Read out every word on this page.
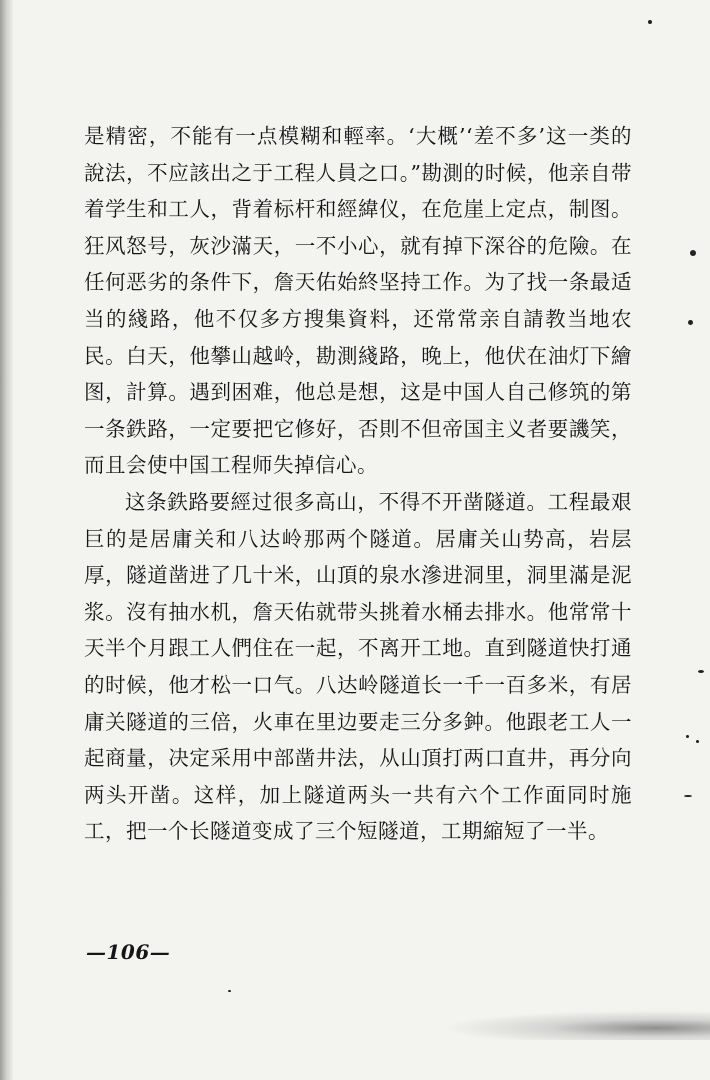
是精密，不能有一点模糊和輕率。‘大概’‘差不多’这一类的說法，不应該出之于工程人員之口。”勘測的时候，他亲自带着学生和工人，背着标杆和經緯仪，在危崖上定点，制图。狂风怒号，灰沙滿天，一不小心，就有掉下深谷的危險。在任何恶劣的条件下，詹天佑始終坚持工作。为了找一条最适当的綫路，他不仅多方搜集資料，还常常亲自請教当地农民。白天，他攀山越岭，勘測綫路，晚上，他伏在油灯下繪图，計算。遇到困难，他总是想，这是中国人自己修筑的第一条鉄路，一定要把它修好，否則不但帝国主义者要譏笑，而且会使中国工程师失掉信心。

这条鉄路要經过很多高山，不得不开凿隧道。工程最艰巨的是居庸关和八达岭那两个隧道。居庸关山势高，岩层厚，隧道凿进了几十米，山頂的泉水滲进洞里，洞里滿是泥浆。沒有抽水机，詹天佑就带头挑着水桶去排水。他常常十天半个月跟工人們住在一起，不离开工地。直到隧道快打通的时候，他才松一口气。八达岭隧道长一千一百多米，有居庸关隧道的三倍，火車在里边要走三分多鈡。他跟老工人一起商量，决定采用中部凿井法，从山頂打两口直井，再分向两头开凿。这样，加上隧道两头一共有六个工作面同时施工，把一个长隧道变成了三个短隧道，工期縮短了一半。

—106—
